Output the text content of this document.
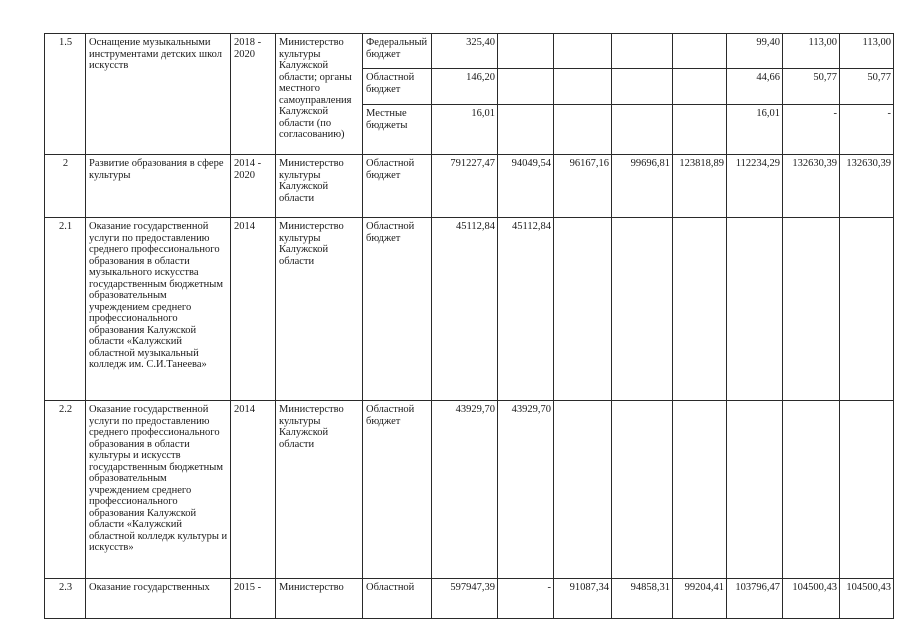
1.5	Оснащение музыкальными инструментами детских школ искусств	2018 - 2020	Министерство культуры Калужской области; органы местного самоуправления Калужской области (по согласованию)	Федеральный бюджет	325,40					99,40	113,00	113,00
				Областной бюджет	146,20					44,66	50,77	50,77
				Местные бюджеты	16,01					16,01	-	-
2	Развитие образования в сфере культуры	2014 - 2020	Министерство культуры Калужской области	Областной бюджет	791227,47	94049,54	96167,16	99696,81	123818,89	112234,29	132630,39	132630,39
2.1	Оказание государственной услуги по предоставлению среднего профессионального образования в области музыкального искусства государственным бюджетным образовательным учреждением среднего профессионального образования Калужской области «Калужский областной музыкальный колледж им. С.И.Танеева»	2014	Министерство культуры Калужской области	Областной бюджет	45112,84	45112,84						
2.2	Оказание государственной услуги по предоставлению среднего профессионального образования в области культуры и искусств государственным бюджетным образовательным учреждением среднего профессионального образования Калужской области «Калужский областной колледж культуры и искусств»	2014	Министерство культуры Калужской области	Областной бюджет	43929,70	43929,70						
2.3	Оказание государственных	2015 -	Министерство	Областной	597947,39	-	91087,34	94858,31	99204,41	103796,47	104500,43	104500,43
